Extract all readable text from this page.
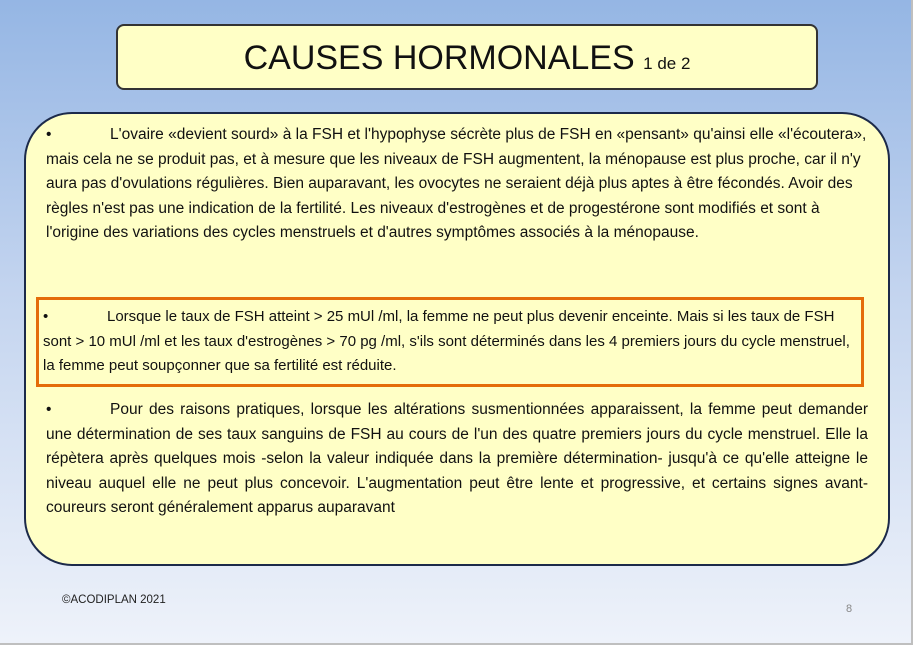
CAUSES HORMONALES 1 de 2

•	L'ovaire «devient sourd» à la FSH et l'hypophyse sécrète plus de FSH en «pensant» qu'ainsi elle «l'écoutera», mais cela ne se produit pas, et à mesure que les niveaux de FSH augmentent, la ménopause est plus proche, car il n'y aura pas d'ovulations régulières. Bien auparavant, les ovocytes ne seraient déjà plus aptes à être fécondés. Avoir des règles n'est pas une indication de la fertilité. Les niveaux d'estrogènes et de progestérone sont modifiés et sont à l'origine des variations des cycles menstruels et d'autres symptômes associés à la ménopause.

•	Lorsque le taux de FSH atteint > 25 mUl /ml, la femme ne peut plus devenir enceinte. Mais si les taux de FSH sont > 10 mUl /ml et les taux d'estrogènes > 70 pg /ml, s'ils sont déterminés dans les 4 premiers jours du cycle menstruel, la femme peut soupçonner que sa fertilité est réduite.

•	Pour des raisons pratiques, lorsque les altérations susmentionnées apparaissent, la femme peut demander une détermination de ses taux sanguins de FSH au cours de l'un des quatre premiers jours du cycle menstruel. Elle la répètera après quelques mois -selon la valeur indiquée dans la première détermination- jusqu'à ce qu'elle atteigne le niveau auquel elle ne peut plus concevoir. L'augmentation peut être lente et progressive, et certains signes avant-coureurs seront généralement apparus auparavant

©ACODIPLAN 2021
8
